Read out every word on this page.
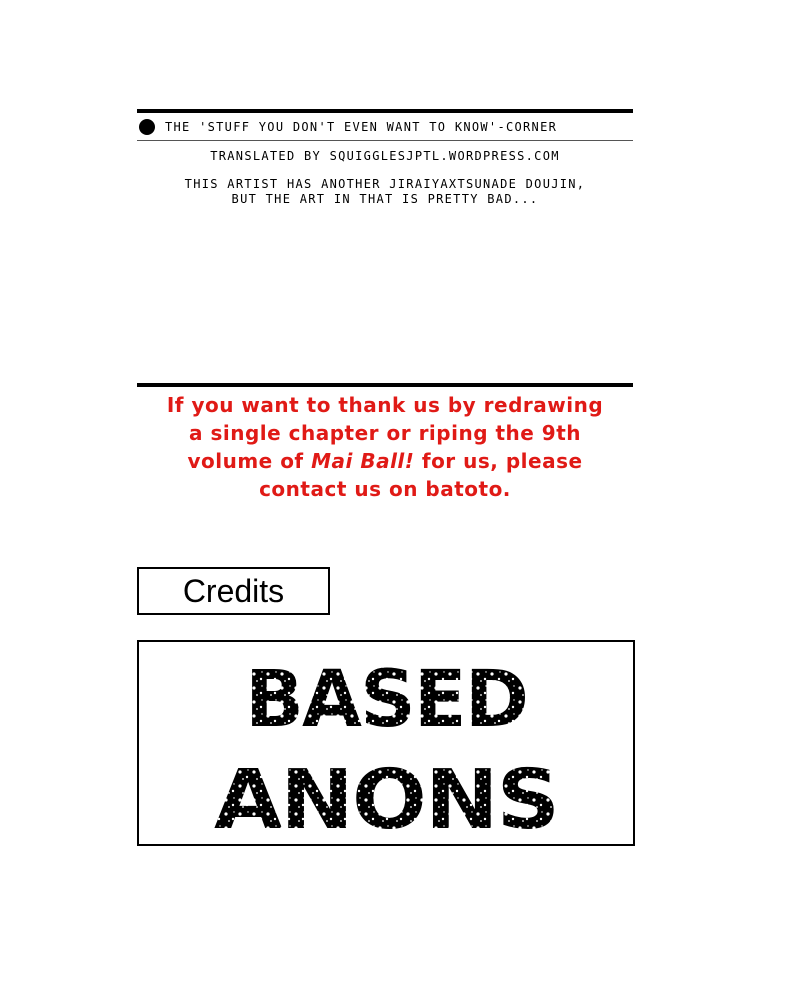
THE 'STUFF YOU DON'T EVEN WANT TO KNOW'-CORNER
TRANSLATED BY SQUIGGLESJPTL.WORDPRESS.COM
THIS ARTIST HAS ANOTHER JIRAIYAXTSUNADE DOUJIN,
BUT THE ART IN THAT IS PRETTY BAD...
If you want to thank us by redrawing
a single chapter or riping the 9th
volume of Mai Ball! for us, please
contact us on batoto.
Credits
BASED
ANONS
